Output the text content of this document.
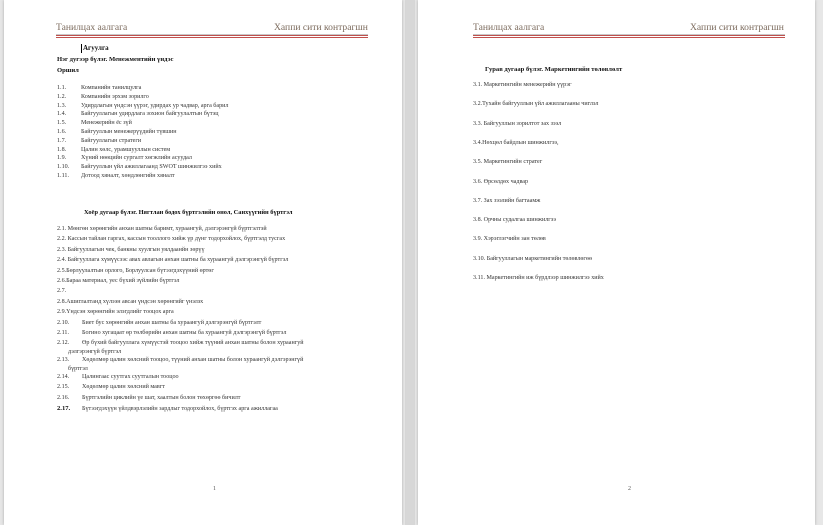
Танилцах аалгага	Хаппи сити контрагшн
Агуулга
Нэг дугээр бүлэг. Менежментийн үндэс
Оршил
Хоёр дугаар бүлэг. Нягтлан бодох бүртгэлийн онол, Санхүүгийн бүртгэл
1
1.1. Компанийн танилцулга
1.2. Компанийн эрхэм зорилго
1.3. Удирдлагын үндсэн үүрэг, удирдах ур чадвар, арга барил
1.4. Байгууллагын удирдлага зохион байгуулалтын бүтэц
1.5. Менежерийн ёс зүй
1.6. Байгууллын менежерүүдийн түвшин
1.7. Байгууллагын стратеги
1.8. Цалин хөлс, урамшууллын систем
1.9. Хүний нөөцийн сургалт хөгжлийн асуудал
1.10. Байгууллын үйл ажиллагаанд SWOT шинжилгээ хийх
1.11. Дотоод хяналт, хөндлөнгийн хяналт
2.1. Мөнгөн хөрөнгийн анхан шатны баримт, хураангуй, дэлгэрэнгүй бүртгэлтэй
2.2. Кассын тайлан гаргах, кассын тооллого хийж үр дүнг тодорхойлох, бүртгэлд тусгах
2.3. Байгууллагын чек, банкны хуулгын уялдаанйн зөрүү
2.4. Байгууллага хүмүүсээс авах авлагын анхан шатны ба хураангуй дэлгэрэнгүй бүртгэл
2.5.Бөрлуулалтын орлого, Борлуулсан бүтээгдэхүүний өртөг
2.6.Бараа материал, уес бүхий зүйлийн бүртгэл
2.7.
2.8.Ашиглалтанд хүлээн авсан үндсэн хөрөнгийг үнэлэх
2.9.Үндсэн хөрөнгийн элэгдлийг тооцох арга
2.10. Биет бус хөрөнгийн анхан шатны ба хураангуй дэлгэрэнгүй бүртгэлт
2.11. Богино хугацаат өр төлбөрийн анхан шатны ба хураангуй дэлгэрэнгүй бүртгэл
2.12. Өр бүхий байгууллага хүмүүстэй тооцоо хийж түүний анхан шатны болон хураангуй
дэлгэрэнгүй бүртгэл
2.13. Хөдөлмөр цалин хөлсний тооцоо, түүний анхан шатны болон хураангуй дэлгэрэнгүй
бүртгэл
2.14. Цалингаас суутгах суутгалын тооцоо
2.15. Хөдөлмөр цалин хөлсний мавгт
2.16. Бүртгэлийн циклийн үе шат, хаалтын болон төхөргөө бичилт
2.17. Бүтээгдэхүүн үйлдвэрлэлийн зардлыг тодорхойлох, бүртгэх арга ажиллагаа
Танилцах аалгага	Хаппи сити контрагшн
Гурав дугаар бүлэг. Маркетингийн төлөвлөлт
2
3.1. Маркетингийн менежерийн үүрэг
3.2.Тухайн байгууллын үйл ажиллагааны чиглэл
3.3. Байгууллын зорилтот зах зээл
3.4.Нөхцөл байдлын шинжилгээ,
3.5. Маркетингийн стратег
3.6. Өрсөлдөх чадвар
3.7. Зах зээлийн багтаамж
3.8. Орчны судалгаа шинжилгээ
3.9. Хэрэглэгчийн зан төлөв
3.10. Байгууллагын маркетингийн төлөвлөгөө
3.11. Маркетингийн иж бүрдлээр шинжилгээ хийх
